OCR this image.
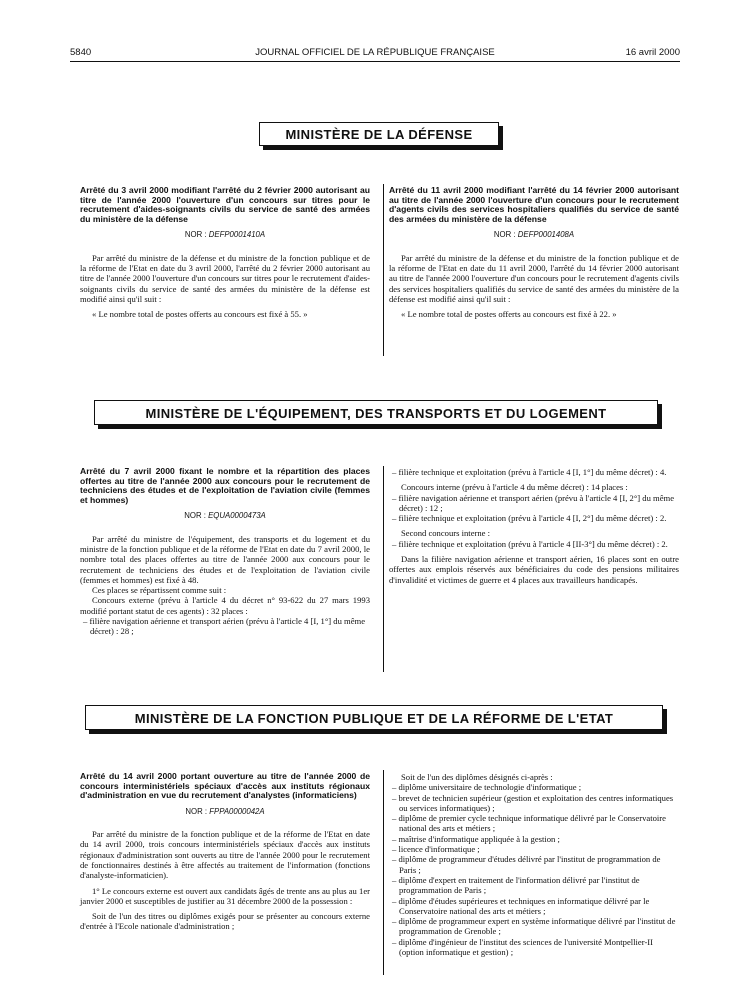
5840	JOURNAL OFFICIEL DE LA RÉPUBLIQUE FRANÇAISE	16 avril 2000
MINISTÈRE DE LA DÉFENSE
Arrêté du 3 avril 2000 modifiant l'arrêté du 2 février 2000 autorisant au titre de l'année 2000 l'ouverture d'un concours sur titres pour le recrutement d'aides-soignants civils du service de santé des armées du ministère de la défense
NOR : DEFP0001410A

Par arrêté du ministre de la défense et du ministre de la fonction publique et de la réforme de l'Etat en date du 3 avril 2000, l'arrêté du 2 février 2000 autorisant au titre de l'année 2000 l'ouverture d'un concours sur titres pour le recrutement d'aides-soignants civils du service de santé des armées du ministère de la défense est modifié ainsi qu'il suit :

« Le nombre total de postes offerts au concours est fixé à 55. »

Arrêté du 11 avril 2000 modifiant l'arrêté du 14 février 2000 autorisant au titre de l'année 2000 l'ouverture d'un concours pour le recrutement d'agents civils des services hospitaliers qualifiés du service de santé des armées du ministère de la défense
NOR : DEFP0001408A

Par arrêté du ministre de la défense et du ministre de la fonction publique et de la réforme de l'Etat en date du 11 avril 2000, l'arrêté du 14 février 2000 autorisant au titre de l'année 2000 l'ouverture d'un concours pour le recrutement d'agents civils des services hospitaliers qualifiés du service de santé des armées du ministère de la défense est modifié ainsi qu'il suit :

« Le nombre total de postes offerts au concours est fixé à 22. »

MINISTÈRE DE L'ÉQUIPEMENT, DES TRANSPORTS ET DU LOGEMENT
Arrêté du 7 avril 2000 fixant le nombre et la répartition des places offertes au titre de l'année 2000 aux concours pour le recrutement de techniciens des études et de l'exploitation de l'aviation civile (femmes et hommes)
NOR : EQUA0000473A

Par arrêté du ministre de l'équipement, des transports et du logement et du ministre de la fonction publique et de la réforme de l'Etat en date du 7 avril 2000, le nombre total des places offertes au titre de l'année 2000 aux concours pour le recrutement de techniciens des études et de l'exploitation de l'aviation civile (femmes et hommes) est fixé à 48.

Ces places se répartissent comme suit :

Concours externe (prévu à l'article 4 du décret n° 93-622 du 27 mars 1993 modifié portant statut de ces agents) : 32 places :

– filière navigation aérienne et transport aérien (prévu à l'article 4 [I, 1°] du même décret) : 28 ;

– filière technique et exploitation (prévu à l'article 4 [I, 1°] du même décret) : 4.

Concours interne (prévu à l'article 4 du même décret) : 14 places :

– filière navigation aérienne et transport aérien (prévu à l'article 4 [I, 2°] du même décret) : 12 ;

– filière technique et exploitation (prévu à l'article 4 [I, 2°] du même décret) : 2.

Second concours interne :

– filière technique et exploitation (prévu à l'article 4 [II-3°] du même décret) : 2.

Dans la filière navigation aérienne et transport aérien, 16 places sont en outre offertes aux emplois réservés aux bénéficiaires du code des pensions militaires d'invalidité et victimes de guerre et 4 places aux travailleurs handicapés.

MINISTÈRE DE LA FONCTION PUBLIQUE ET DE LA RÉFORME DE L'ETAT
Arrêté du 14 avril 2000 portant ouverture au titre de l'année 2000 de concours interministériels spéciaux d'accès aux instituts régionaux d'administration en vue du recrutement d'analystes (informaticiens)
NOR : FPPA0000042A

Par arrêté du ministre de la fonction publique et de la réforme de l'Etat en date du 14 avril 2000, trois concours interministériels spéciaux d'accès aux instituts régionaux d'administration sont ouverts au titre de l'année 2000 pour le recrutement de fonctionnaires destinés à être affectés au traitement de l'information (fonctions d'analyste-informaticien).

1° Le concours externe est ouvert aux candidats âgés de trente ans au plus au 1er janvier 2000 et susceptibles de justifier au 31 décembre 2000 de la possession :

Soit de l'un des titres ou diplômes exigés pour se présenter au concours externe d'entrée à l'Ecole nationale d'administration ;

Soit de l'un des diplômes désignés ci-après :

– diplôme universitaire de technologie d'informatique ;

– brevet de technicien supérieur (gestion et exploitation des centres informatiques ou services informatiques) ;

– diplôme de premier cycle technique informatique délivré par le Conservatoire national des arts et métiers ;

– maîtrise d'informatique appliquée à la gestion ;

– licence d'informatique ;

– diplôme de programmeur d'études délivré par l'institut de programmation de Paris ;

– diplôme d'expert en traitement de l'information délivré par l'institut de programmation de Paris ;

– diplôme d'études supérieures et techniques en informatique délivré par le Conservatoire national des arts et métiers ;

– diplôme de programmeur expert en système informatique délivré par l'institut de programmation de Grenoble ;

– diplôme d'ingénieur de l'institut des sciences de l'université Montpellier-II (option informatique et gestion) ;
